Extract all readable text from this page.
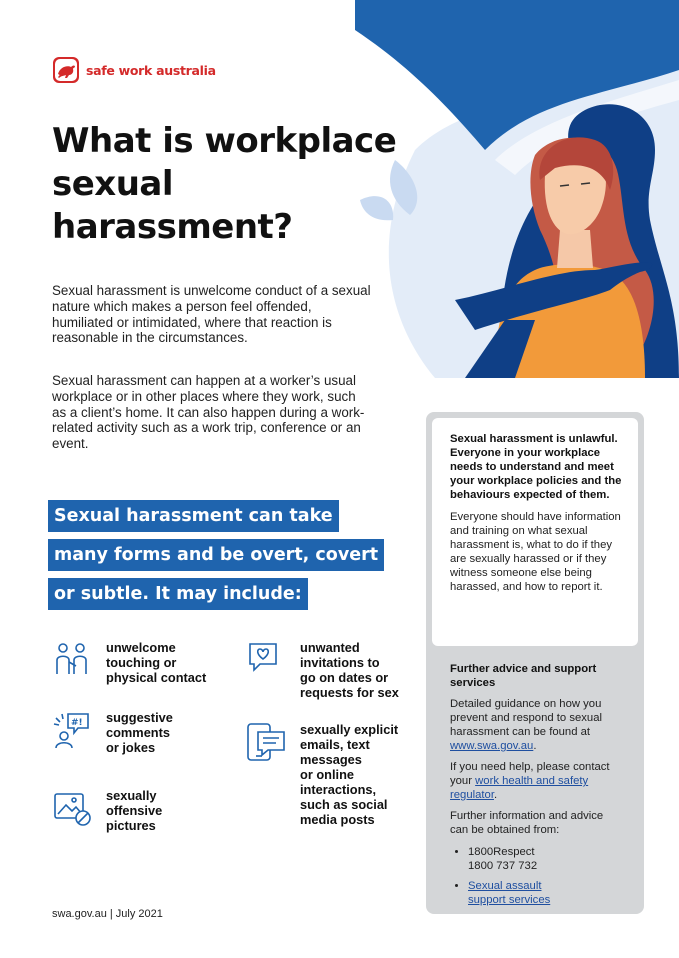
safe work australia
What is workplace sexual harassment?

Sexual harassment is unwelcome conduct of a sexual nature which makes a person feel offended, humiliated or intimidated, where that reaction is reasonable in the circumstances.

Sexual harassment can happen at a worker’s usual workplace or in other places where they work, such as a client’s home. It can also happen during a work-related activity such as a work trip, conference or an event.

Sexual harassment can take
many forms and be overt, covert
or subtle. It may include:
unwelcome
touching or
physical contact
#! suggestive
comments
or jokes
sexually
offensive
pictures
unwanted
invitations to
go on dates or
requests for sex
sexually explicit
emails, text
messages
or online
interactions,
such as social
media posts

Sexual harassment is unlawful. Everyone in your workplace needs to understand and meet your workplace policies and the behaviours expected of them.

Everyone should have information and training on what sexual harassment is, what to do if they are sexually harassed or if they witness someone else being harassed, and how to report it.

Further advice and support services

Detailed guidance on how you prevent and respond to sexual harassment can be found at www.swa.gov.au.

If you need help, please contact your work health and safety regulator.

Further information and advice can be obtained from:

• 1800Respect
1800 737 732
• Sexual assault
support services
swa.gov.au | July 2021
